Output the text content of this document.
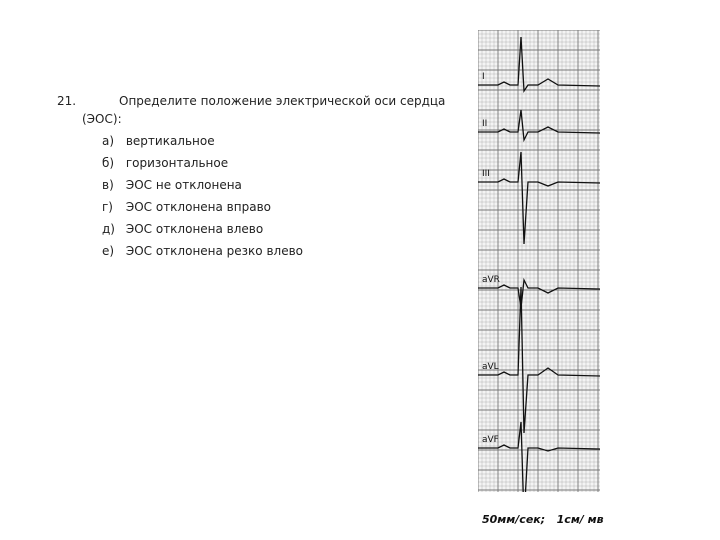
21.	Определите положение электрической оси сердца
(ЭОС):
а) вертикальное
б) горизонтальное
в) ЭОС не отклонена
г) ЭОС отклонена вправо
д) ЭОС отклонена влево
е) ЭОС отклонена резко влево
I
II
III
aVR
aVL
aVF
50мм/сек;   1см/ мв
